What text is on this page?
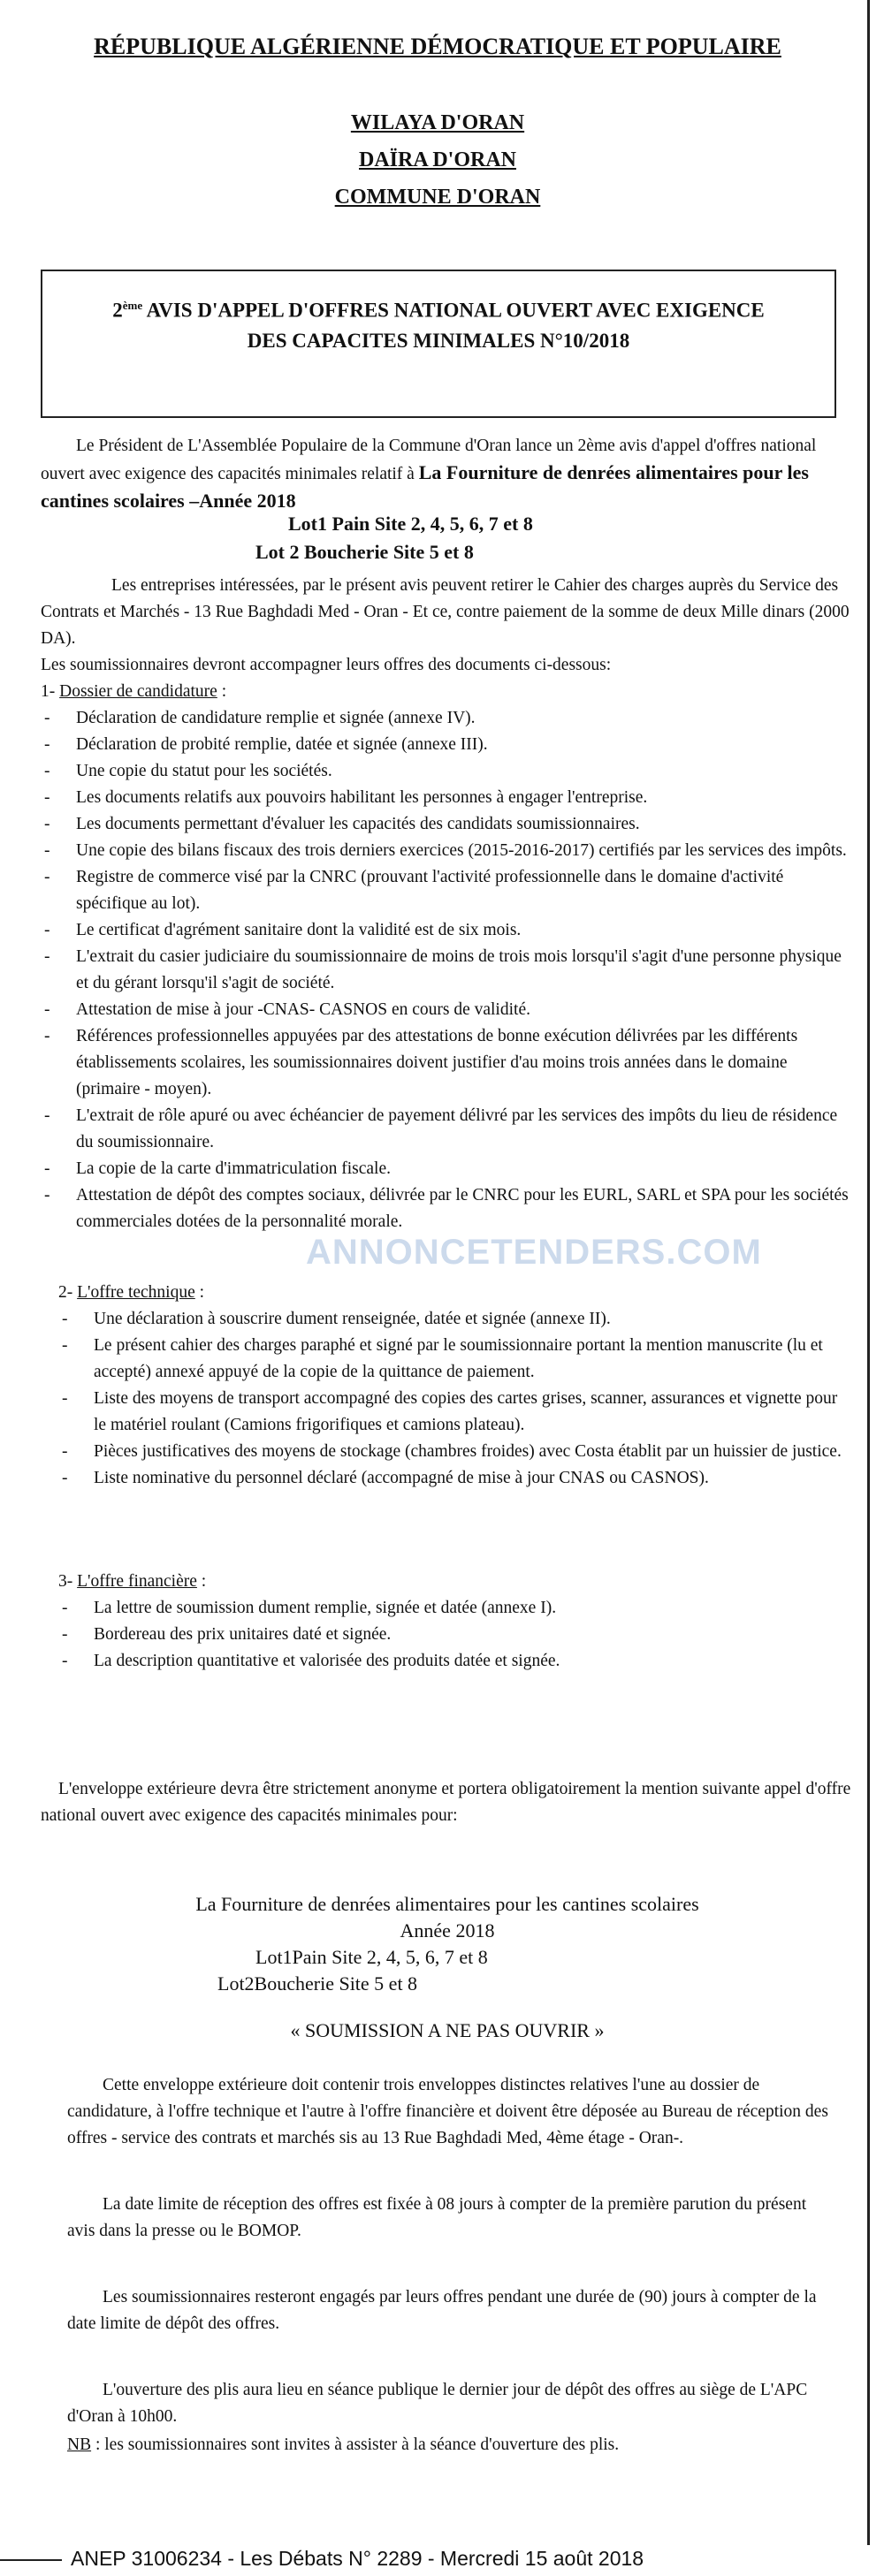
RÉPUBLIQUE ALGÉRIENNE DÉMOCRATIQUE ET POPULAIRE
WILAYA D'ORAN
DAÏRA D'ORAN
COMMUNE D'ORAN
2ème AVIS D'APPEL D'OFFRES NATIONAL OUVERT AVEC EXIGENCE
DES CAPACITES MINIMALES N°10/2018
Le Président de L'Assemblée Populaire de la Commune d'Oran lance un 2ème avis d'appel d'offres national ouvert avec exigence des capacités minimales relatif à La Fourniture de denrées alimentaires pour les cantines scolaires –Année 2018
Lot1 Pain Site 2, 4, 5, 6, 7 et 8
Lot 2 Boucherie Site 5 et 8
Les entreprises intéressées, par le présent avis peuvent retirer le Cahier des charges auprès du Service des Contrats et Marchés - 13 Rue Baghdadi Med - Oran - Et ce, contre paiement de la somme de deux Mille dinars (2000 DA).
Les soumissionnaires devront accompagner leurs offres des documents ci-dessous:
1- Dossier de candidature :
- Déclaration de candidature remplie et signée (annexe IV).
- Déclaration de probité remplie, datée et signée (annexe III).
- Une copie du statut pour les sociétés.
- Les documents relatifs aux pouvoirs habilitant les personnes à engager l'entreprise.
- Les documents permettant d'évaluer les capacités des candidats soumissionnaires.
- Une copie des bilans fiscaux des trois derniers exercices (2015-2016-2017) certifiés par les services des impôts.
- Registre de commerce visé par la CNRC (prouvant l'activité professionnelle dans le domaine d'activité spécifique au lot).
- Le certificat d'agrément sanitaire dont la validité est de six mois.
- L'extrait du casier judiciaire du soumissionnaire de moins de trois mois lorsqu'il s'agit d'une personne physique et du gérant lorsqu'il s'agit de société.
- Attestation de mise à jour -CNAS- CASNOS en cours de validité.
- Références professionnelles appuyées par des attestations de bonne exécution délivrées par les différents établissements scolaires, les soumissionnaires doivent justifier d'au moins trois années dans le domaine (primaire - moyen).
- L'extrait de rôle apuré ou avec échéancier de payement délivré par les services des impôts du lieu de résidence du soumissionnaire.
- La copie de la carte d'immatriculation fiscale.
- Attestation de dépôt des comptes sociaux, délivrée par le CNRC pour les EURL, SARL et SPA pour les sociétés commerciales dotées de la personnalité morale.
2- L'offre technique :
- Une déclaration à souscrire dument renseignée, datée et signée (annexe II).
- Le présent cahier des charges paraphé et signé par le soumissionnaire portant la mention manuscrite (lu et accepté) annexé appuyé de la copie de la quittance de paiement.
- Liste des moyens de transport accompagné des copies des cartes grises, scanner, assurances et vignette pour le matériel roulant (Camions frigorifiques et camions plateau).
- Pièces justificatives des moyens de stockage (chambres froides) avec Costa établit par un huissier de justice.
- Liste nominative du personnel déclaré (accompagné de mise à jour CNAS ou CASNOS).
3- L'offre financière :
- La lettre de soumission dument remplie, signée et datée (annexe I).
- Bordereau des prix unitaires daté et signée.
- La description quantitative et valorisée des produits datée et signée.
L'enveloppe extérieure devra être strictement anonyme et portera obligatoirement la mention suivante appel d'offre national ouvert avec exigence des capacités minimales pour:
La Fourniture de denrées alimentaires pour les cantines scolaires
Année 2018
Lot1Pain Site 2, 4, 5, 6, 7 et 8
Lot2Boucherie Site 5 et 8
« SOUMISSION A NE PAS OUVRIR »
Cette enveloppe extérieure doit contenir trois enveloppes distinctes relatives l'une au dossier de candidature, à l'offre technique et l'autre à l'offre financière et doivent être déposée au Bureau de réception des offres - service des contrats et marchés sis au 13 Rue Baghdadi Med, 4ème étage - Oran-.
La date limite de réception des offres est fixée à 08 jours à compter de la première parution du présent avis dans la presse ou le BOMOP.
Les soumissionnaires resteront engagés par leurs offres pendant une durée de (90) jours à compter de la date limite de dépôt des offres.
L'ouverture des plis aura lieu en séance publique le dernier jour de dépôt des offres au siège de L'APC d'Oran à 10h00.
NB : les soumissionnaires sont invites à assister à la séance d'ouverture des plis.
ANNONCETENDERS.COM
ANEP 31006234 - Les Débats N° 2289 - Mercredi 15 août 2018
